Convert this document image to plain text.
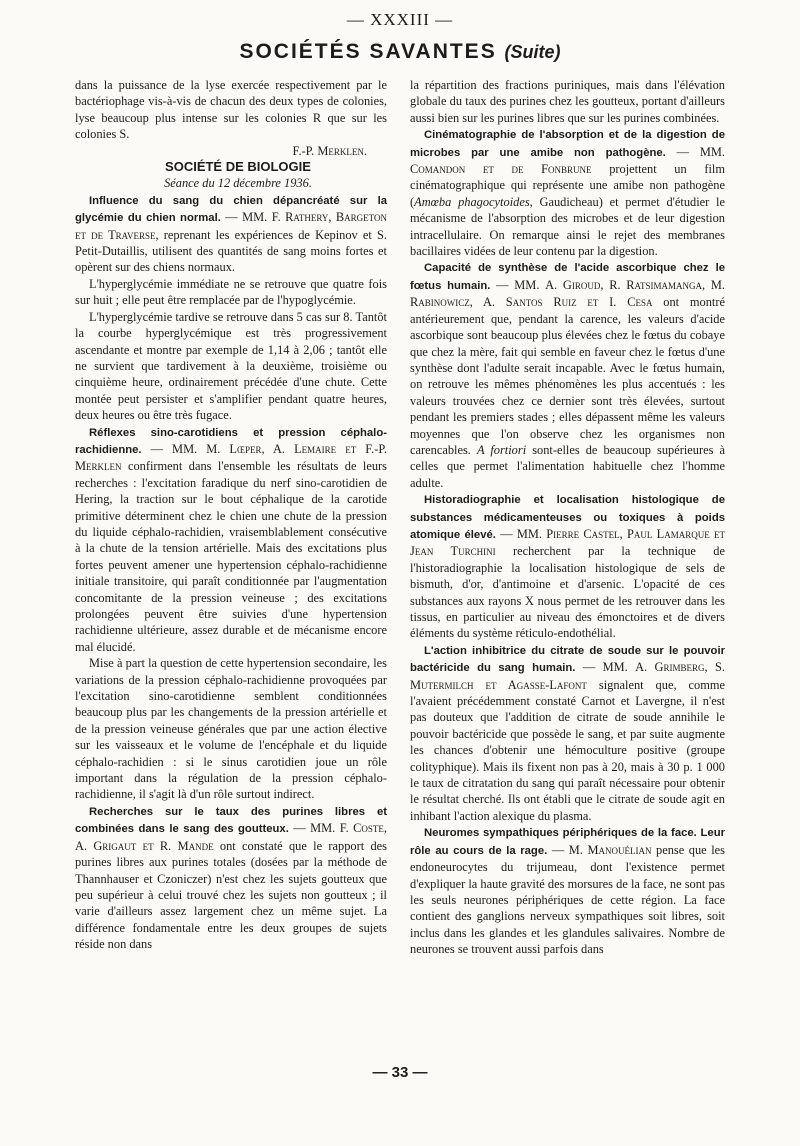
— XXXIII —
SOCIÉTÉS SAVANTES (Suite)

dans la puissance de la lyse exercée respectivement par le bactériophage vis-à-vis de chacun des deux types de colonies, lyse beaucoup plus intense sur les colonies R que sur les colonies S.

F.-P. Merklen.

SOCIÉTÉ DE BIOLOGIE

Séance du 12 décembre 1936.

Influence du sang du chien dépancréaté sur la glycémie du chien normal. — MM. F. Rathery, Bargeton et de Traverse, reprenant les expériences de Kepinov et S. Petit-Dutaillis, utilisent des quantités de sang moins fortes et opèrent sur des chiens normaux.

L'hyperglycémie immédiate ne se retrouve que quatre fois sur huit ; elle peut être remplacée par de l'hypoglycémie.

L'hyperglycémie tardive se retrouve dans 5 cas sur 8. Tantôt la courbe hyperglycémique est très progressivement ascendante et montre par exemple de 1,14 à 2,06 ; tantôt elle ne survient que tardivement à la deuxième, troisième ou cinquième heure, ordinairement précédée d'une chute. Cette montée peut persister et s'amplifier pendant quatre heures, deux heures ou être très fugace.

Réflexes sino-carotidiens et pression céphalo-rachidienne. — MM. M. Lœper, A. Lemaire et F.-P. Merklen confirment dans l'ensemble les résultats de leurs recherches : l'excitation faradique du nerf sino-carotidien de Hering, la traction sur le bout céphalique de la carotide primitive déterminent chez le chien une chute de la pression du liquide céphalo-rachidien, vraisemblablement consécutive à la chute de la tension artérielle. Mais des excitations plus fortes peuvent amener une hypertension céphalo-rachidienne initiale transitoire, qui paraît conditionnée par l'augmentation concomitante de la pression veineuse ; des excitations prolongées peuvent être suivies d'une hypertension rachidienne ultérieure, assez durable et de mécanisme encore mal élucidé.

Mise à part la question de cette hypertension secondaire, les variations de la pression céphalo-rachidienne provoquées par l'excitation sino-carotidienne semblent conditionnées beaucoup plus par les changements de la pression artérielle et de la pression veineuse générales que par une action élective sur les vaisseaux et le volume de l'encéphale et du liquide céphalo-rachidien : si le sinus carotidien joue un rôle important dans la régulation de la pression céphalo-rachidienne, il s'agit là d'un rôle surtout indirect.

Recherches sur le taux des purines libres et combinées dans le sang des goutteux. — MM. F. Coste, A. Grigaut et R. Mande ont constaté que le rapport des purines libres aux purines totales (dosées par la méthode de Thannhauser et Czoniczer) n'est chez les sujets goutteux que peu supérieur à celui trouvé chez les sujets non goutteux ; il varie d'ailleurs assez largement chez un même sujet. La différence fondamentale entre les deux groupes de sujets réside non dans

la répartition des fractions puriniques, mais dans l'élévation globale du taux des purines chez les goutteux, portant d'ailleurs aussi bien sur les purines libres que sur les purines combinées.

Cinématographie de l'absorption et de la digestion de microbes par une amibe non pathogène. — MM. Comandon et de Fonbrune projettent un film cinématographique qui représente une amibe non pathogène (Amœba phagocytoides, Gaudicheau) et permet d'étudier le mécanisme de l'absorption des microbes et de leur digestion intracellulaire. On remarque ainsi le rejet des membranes bacillaires vidées de leur contenu par la digestion.

Capacité de synthèse de l'acide ascorbique chez le fœtus humain. — MM. A. Giroud, R. Ratsimamanga, M. Rabinowicz, A. Santos Ruiz et I. Cesa ont montré antérieurement que, pendant la carence, les valeurs d'acide ascorbique sont beaucoup plus élevées chez le fœtus du cobaye que chez la mère, fait qui semble en faveur chez le fœtus d'une synthèse dont l'adulte serait incapable. Avec le fœtus humain, on retrouve les mêmes phénomènes les plus accentués : les valeurs trouvées chez ce dernier sont très élevées, surtout pendant les premiers stades ; elles dépassent même les valeurs moyennes que l'on observe chez les organismes non carencables. A fortiori sont-elles de beaucoup supérieures à celles que permet l'alimentation habituelle chez l'homme adulte.

Historadiographie et localisation histologique de substances médicamenteuses ou toxiques à poids atomique élevé. — MM. Pierre Castel, Paul Lamarque et Jean Turchini recherchent par la technique de l'historadiographie la localisation histologique de sels de bismuth, d'or, d'antimoine et d'arsenic. L'opacité de ces substances aux rayons X nous permet de les retrouver dans les tissus, en particulier au niveau des émonctoires et de divers éléments du système réticulo-endothélial.

L'action inhibitrice du citrate de soude sur le pouvoir bactéricide du sang humain. — MM. A. Grimberg, S. Mutermilch et Agasse-Lafont signalent que, comme l'avaient précédemment constaté Carnot et Lavergne, il n'est pas douteux que l'addition de citrate de soude annihile le pouvoir bactéricide que possède le sang, et par suite augmente les chances d'obtenir une hémoculture positive (groupe colityphique). Mais ils fixent non pas à 20, mais à 30 p. 1 000 le taux de citratation du sang qui paraît nécessaire pour obtenir le résultat cherché. Ils ont établi que le citrate de soude agit en inhibant l'action alexique du plasma.

Neuromes sympathiques périphériques de la face. Leur rôle au cours de la rage. — M. Manouélian pense que les endoneurocytes du trijumeau, dont l'existence permet d'expliquer la haute gravité des morsures de la face, ne sont pas les seuls neurones périphériques de cette région. La face contient des ganglions nerveux sympathiques soit libres, soit inclus dans les glandes et les glandules salivaires. Nombre de neurones se trouvent aussi parfois dans

— 33 —
